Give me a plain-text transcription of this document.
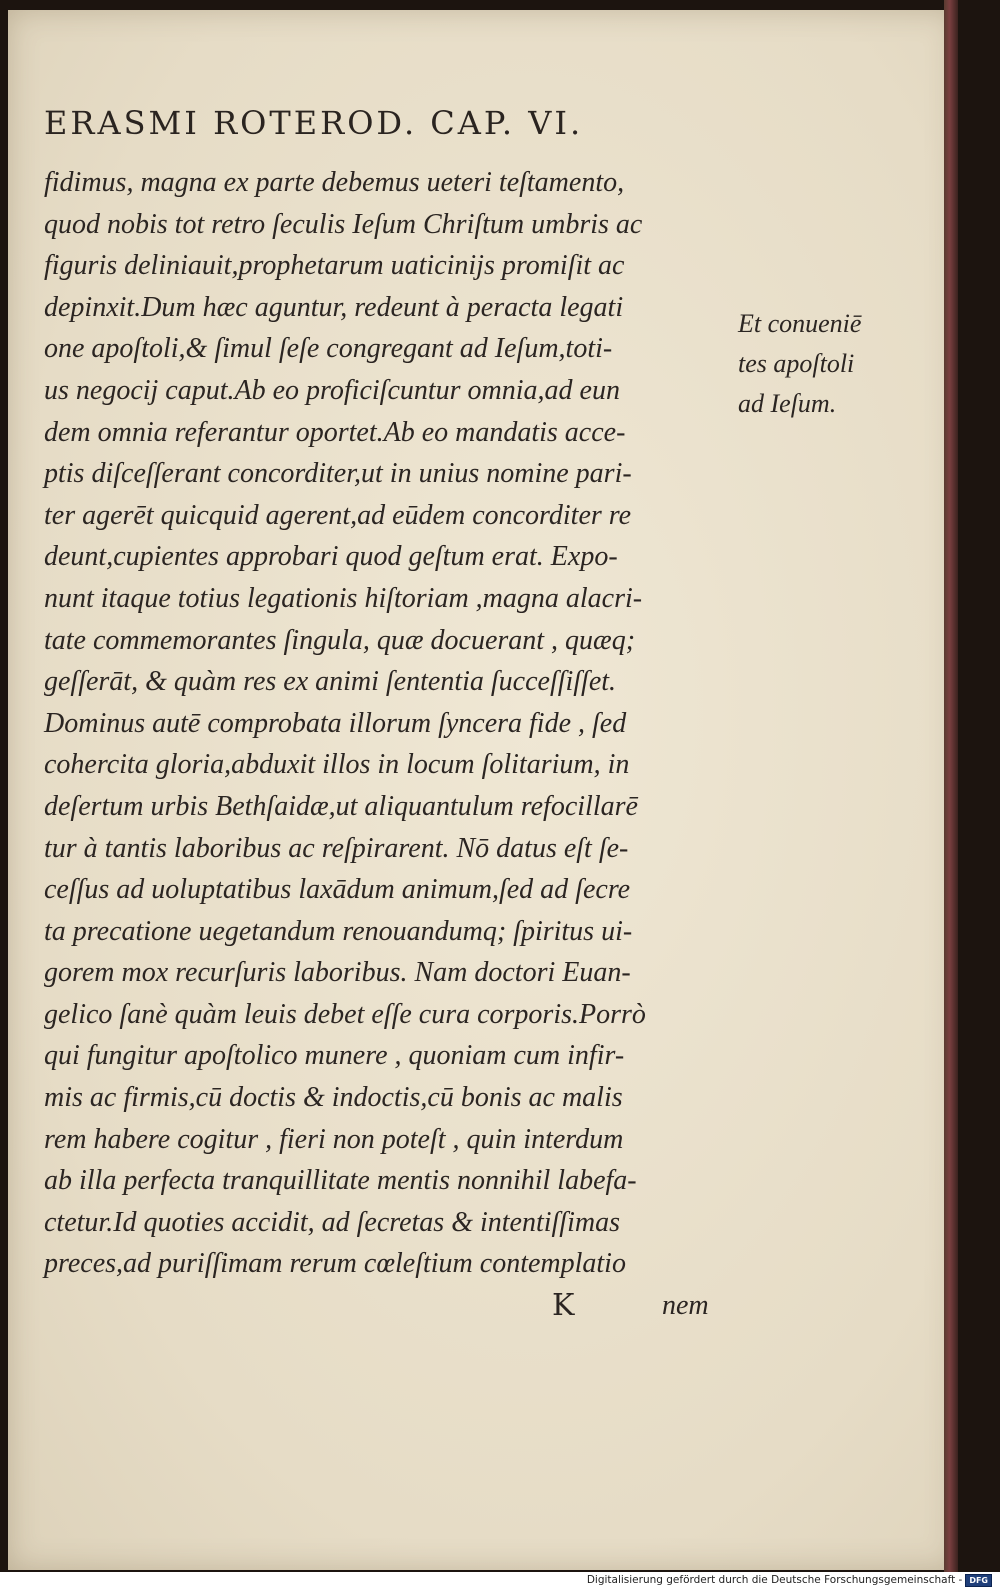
ERASMI ROTEROD. CAP. VI.
fidimus, magna ex parte debemus ueteri teſtamento,
quod nobis tot retro ſeculis Ieſum Chriſtum umbris ac
figuris deliniauit,prophetarum uaticinijs promiſit ac
depinxit.Dum hæc aguntur, redeunt à peracta legati
one apoſtoli,& ſimul ſeſe congregant ad Ieſum,toti-
us negocij caput.Ab eo proficiſcuntur omnia,ad eun
dem omnia referantur oportet.Ab eo mandatis acce-
ptis diſceſſerant concorditer,ut in unius nomine pari-
ter agerēt quicquid agerent,ad eūdem concorditer re
deunt,cupientes approbari quod geſtum erat. Expo-
nunt itaque totius legationis hiſtoriam ,magna alacri-
tate commemorantes ſingula, quæ docuerant , quæq;
geſſerāt, & quàm res ex animi ſententia ſucceſſiſſet.
Dominus autē comprobata illorum ſyncera fide , ſed
cohercita gloria,abduxit illos in locum ſolitarium, in
deſertum urbis Bethſaidæ,ut aliquantulum refocillarē
tur à tantis laboribus ac reſpirarent. Nō datus eſt ſe-
ceſſus ad uoluptatibus laxādum animum,ſed ad ſecre
ta precatione uegetandum renouandumq; ſpiritus ui-
gorem mox recurſuris laboribus. Nam doctori Euan-
gelico ſanè quàm leuis debet eſſe cura corporis.Porrò
qui fungitur apoſtolico munere , quoniam cum infir-
mis ac firmis,cū doctis & indoctis,cū bonis ac malis
rem habere cogitur , fieri non poteſt , quin interdum
ab illa perfecta tranquillitate mentis nonnihil labefa-
ctetur.Id quoties accidit, ad ſecretas & intentiſſimas
preces,ad puriſſimam rerum cœleſtium contemplatio
Et conueniē
tes apoſtoli
ad Ieſum.
K	nem
Digitalisierung gefördert durch die Deutsche Forschungsgemeinschaft - DFG
